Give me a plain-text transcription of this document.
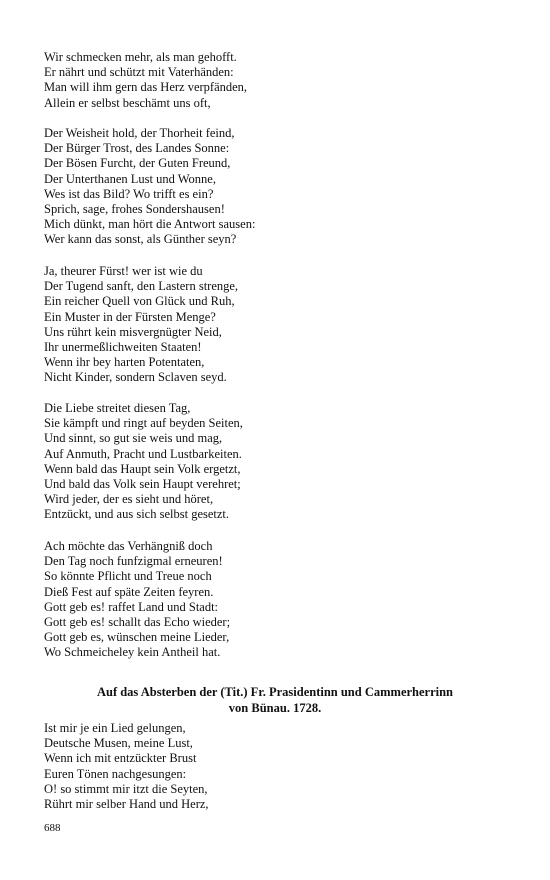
Wir schmecken mehr, als man gehofft.
Er nährt und schützt mit Vaterhänden:
Man will ihm gern das Herz verpfänden,
Allein er selbst beschämt uns oft,
Der Weisheit hold, der Thorheit feind,
Der Bürger Trost, des Landes Sonne:
Der Bösen Furcht, der Guten Freund,
Der Unterthanen Lust und Wonne,
Wes ist das Bild? Wo trifft es ein?
Sprich, sage, frohes Sondershausen!
Mich dünkt, man hört die Antwort sausen:
Wer kann das sonst, als Günther seyn?
Ja, theurer Fürst! wer ist wie du
Der Tugend sanft, den Lastern strenge,
Ein reicher Quell von Glück und Ruh,
Ein Muster in der Fürsten Menge?
Uns rührt kein misvergnügter Neid,
Ihr unermeßlichweiten Staaten!
Wenn ihr bey harten Potentaten,
Nicht Kinder, sondern Sclaven seyd.
Die Liebe streitet diesen Tag,
Sie kämpft und ringt auf beyden Seiten,
Und sinnt, so gut sie weis und mag,
Auf Anmuth, Pracht und Lustbarkeiten.
Wenn bald das Haupt sein Volk ergetzt,
Und bald das Volk sein Haupt verehret;
Wird jeder, der es sieht und höret,
Entzückt, und aus sich selbst gesetzt.
Ach möchte das Verhängniß doch
Den Tag noch funfzigmal erneuren!
So könnte Pflicht und Treue noch
Dieß Fest auf späte Zeiten feyren.
Gott geb es! raffet Land und Stadt:
Gott geb es! schallt das Echo wieder;
Gott geb es, wünschen meine Lieder,
Wo Schmeicheley kein Antheil hat.
Auf das Absterben der (Tit.) Fr. Prasidentinn und Cammerherrinn
von Bünau. 1728.
Ist mir je ein Lied gelungen,
Deutsche Musen, meine Lust,
Wenn ich mit entzückter Brust
Euren Tönen nachgesungen:
O! so stimmt mir itzt die Seyten,
Rührt mir selber Hand und Herz,
688
